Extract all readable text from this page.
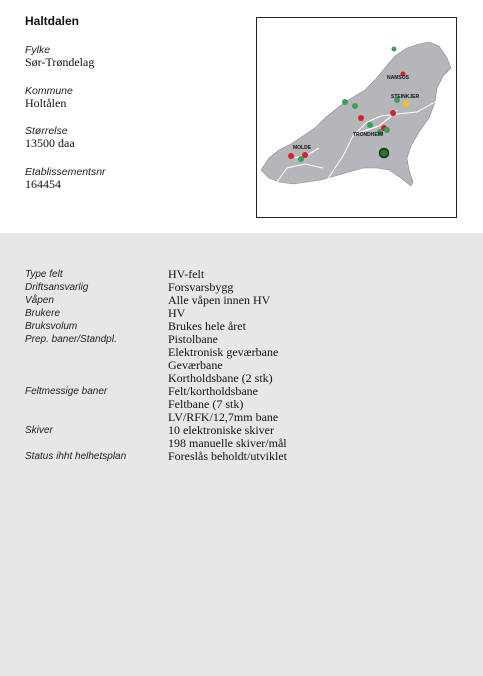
Haltdalen
Fylke
Sør-Trøndelag
Kommune
Holtålen
Størrelse
13500 daa
Etablissementsnr
164454
NAMSOS
STEINKJER
TRONDHEIM
MOLDE
Type felt	HV-felt
Driftsansvarlig	Forsvarsbygg
Våpen	Alle våpen innen HV
Brukere	HV
Bruksvolum	Brukes hele året
Prep. baner/Standpl.	Pistolbane
Elektronisk geværbane
Geværbane
Kortholdsbane (2 stk)
Feltmessige baner	Felt/kortholdsbane
Feltbane (7 stk)
LV/RFK/12,7mm bane
Skiver	10 elektroniske skiver
198 manuelle skiver/mål
Status ihht helhetsplan	Foreslås beholdt/utviklet
